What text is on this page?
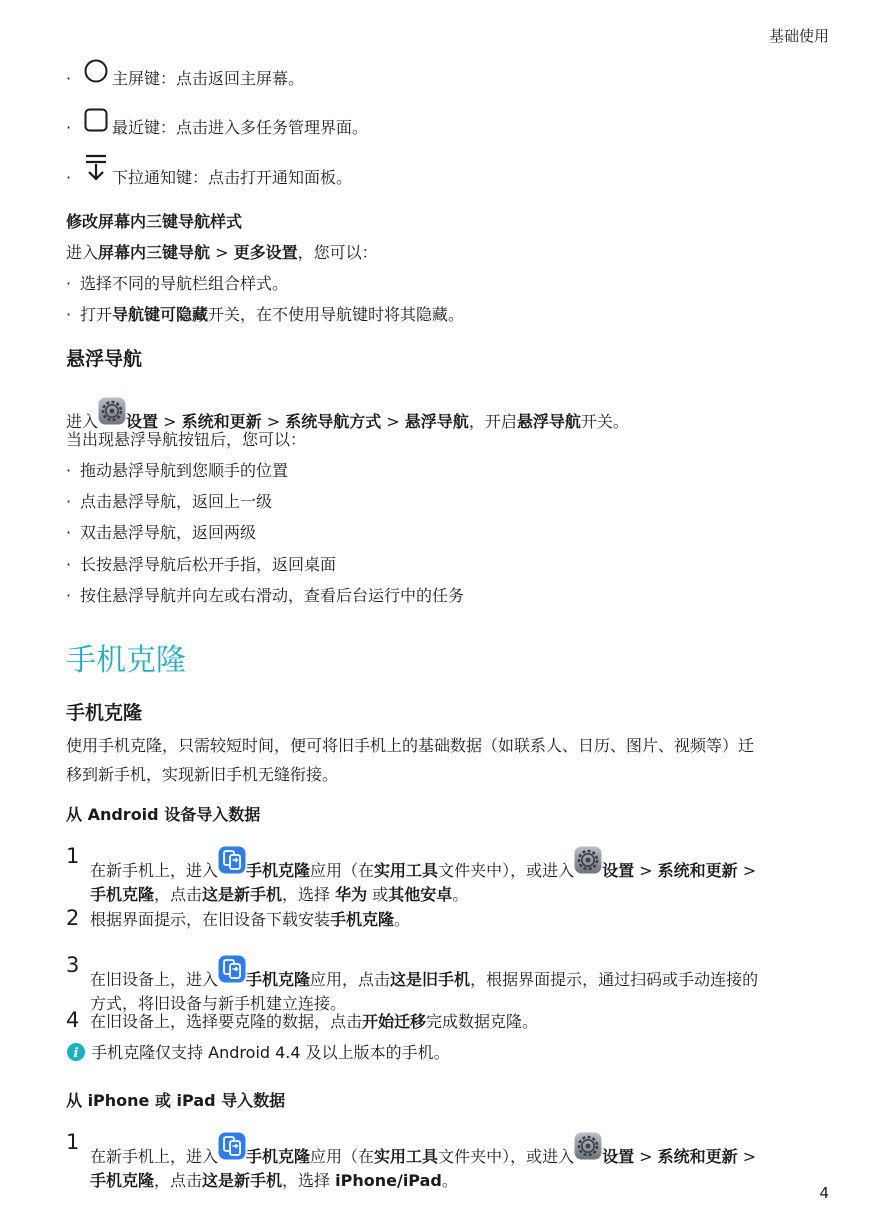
基础使用
·	主屏键：点击返回主屏幕。
·	最近键：点击进入多任务管理界面。
·	下拉通知键：点击打开通知面板。
修改屏幕内三键导航样式
进入屏幕内三键导航 > 更多设置，您可以：
· 选择不同的导航栏组合样式。
· 打开导航键可隐藏开关，在不使用导航键时将其隐藏。
悬浮导航
进入 设置 > 系统和更新 > 系统导航方式 > 悬浮导航，开启悬浮导航开关。
当出现悬浮导航按钮后，您可以：
· 拖动悬浮导航到您顺手的位置
· 点击悬浮导航，返回上一级
· 双击悬浮导航，返回两级
· 长按悬浮导航后松开手指，返回桌面
· 按住悬浮导航并向左或右滑动，查看后台运行中的任务
手机克隆
手机克隆
使用手机克隆，只需较短时间，便可将旧手机上的基础数据（如联系人、日历、图片、视频等）迁
移到新手机，实现新旧手机无缝衔接。
从 Android 设备导入数据
1
在新手机上，进入 手机克隆应用（在实用工具文件夹中），或进入 设置 > 系统和更新 >
手机克隆，点击这是新手机，选择 华为 或其他安卓。
2 根据界面提示，在旧设备下载安装手机克隆。
3
在旧设备上，进入 手机克隆应用，点击这是旧手机，根据界面提示，通过扫码或手动连接的
方式，将旧设备与新手机建立连接。
4 在旧设备上，选择要克隆的数据，点击开始迁移完成数据克隆。
i 手机克隆仅支持 Android 4.4 及以上版本的手机。
从 iPhone 或 iPad 导入数据
1
在新手机上，进入 手机克隆应用（在实用工具文件夹中），或进入 设置 > 系统和更新 >
手机克隆，点击这是新手机，选择 iPhone/iPad。
4
